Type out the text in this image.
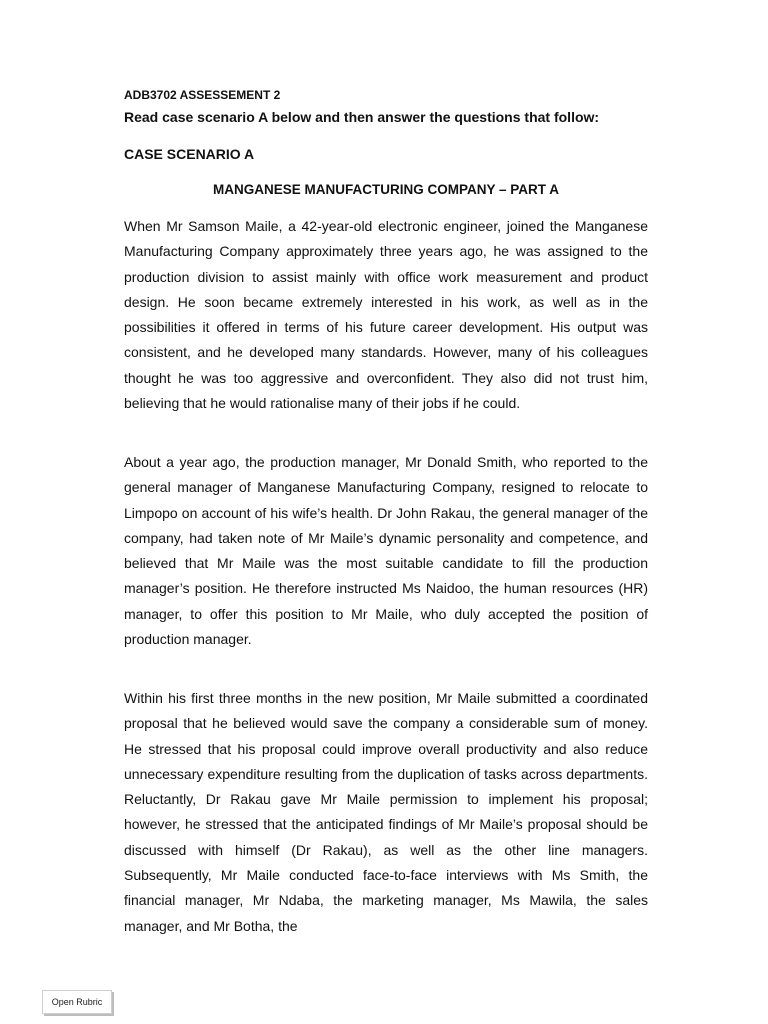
ADB3702 ASSESSEMENT 2
Read case scenario A below and then answer the questions that follow:
CASE SCENARIO A
MANGANESE MANUFACTURING COMPANY – PART A

When Mr Samson Maile, a 42-year-old electronic engineer, joined the Manganese Manufacturing Company approximately three years ago, he was assigned to the production division to assist mainly with office work measurement and product design. He soon became extremely interested in his work, as well as in the possibilities it offered in terms of his future career development. His output was consistent, and he developed many standards. However, many of his colleagues thought he was too aggressive and overconfident. They also did not trust him, believing that he would rationalise many of their jobs if he could.

About a year ago, the production manager, Mr Donald Smith, who reported to the general manager of Manganese Manufacturing Company, resigned to relocate to Limpopo on account of his wife’s health. Dr John Rakau, the general manager of the company, had taken note of Mr Maile’s dynamic personality and competence, and believed that Mr Maile was the most suitable candidate to fill the production manager’s position. He therefore instructed Ms Naidoo, the human resources (HR) manager, to offer this position to Mr Maile, who duly accepted the position of production manager.

Within his first three months in the new position, Mr Maile submitted a coordinated proposal that he believed would save the company a considerable sum of money. He stressed that his proposal could improve overall productivity and also reduce unnecessary expenditure resulting from the duplication of tasks across departments. Reluctantly, Dr Rakau gave Mr Maile permission to implement his proposal; however, he stressed that the anticipated findings of Mr Maile’s proposal should be discussed with himself (Dr Rakau), as well as the other line managers. Subsequently, Mr Maile conducted face-to-face interviews with Ms Smith, the financial manager, Mr Ndaba, the marketing manager, Ms Mawila, the sales manager, and Mr Botha, the

Open Rubric
